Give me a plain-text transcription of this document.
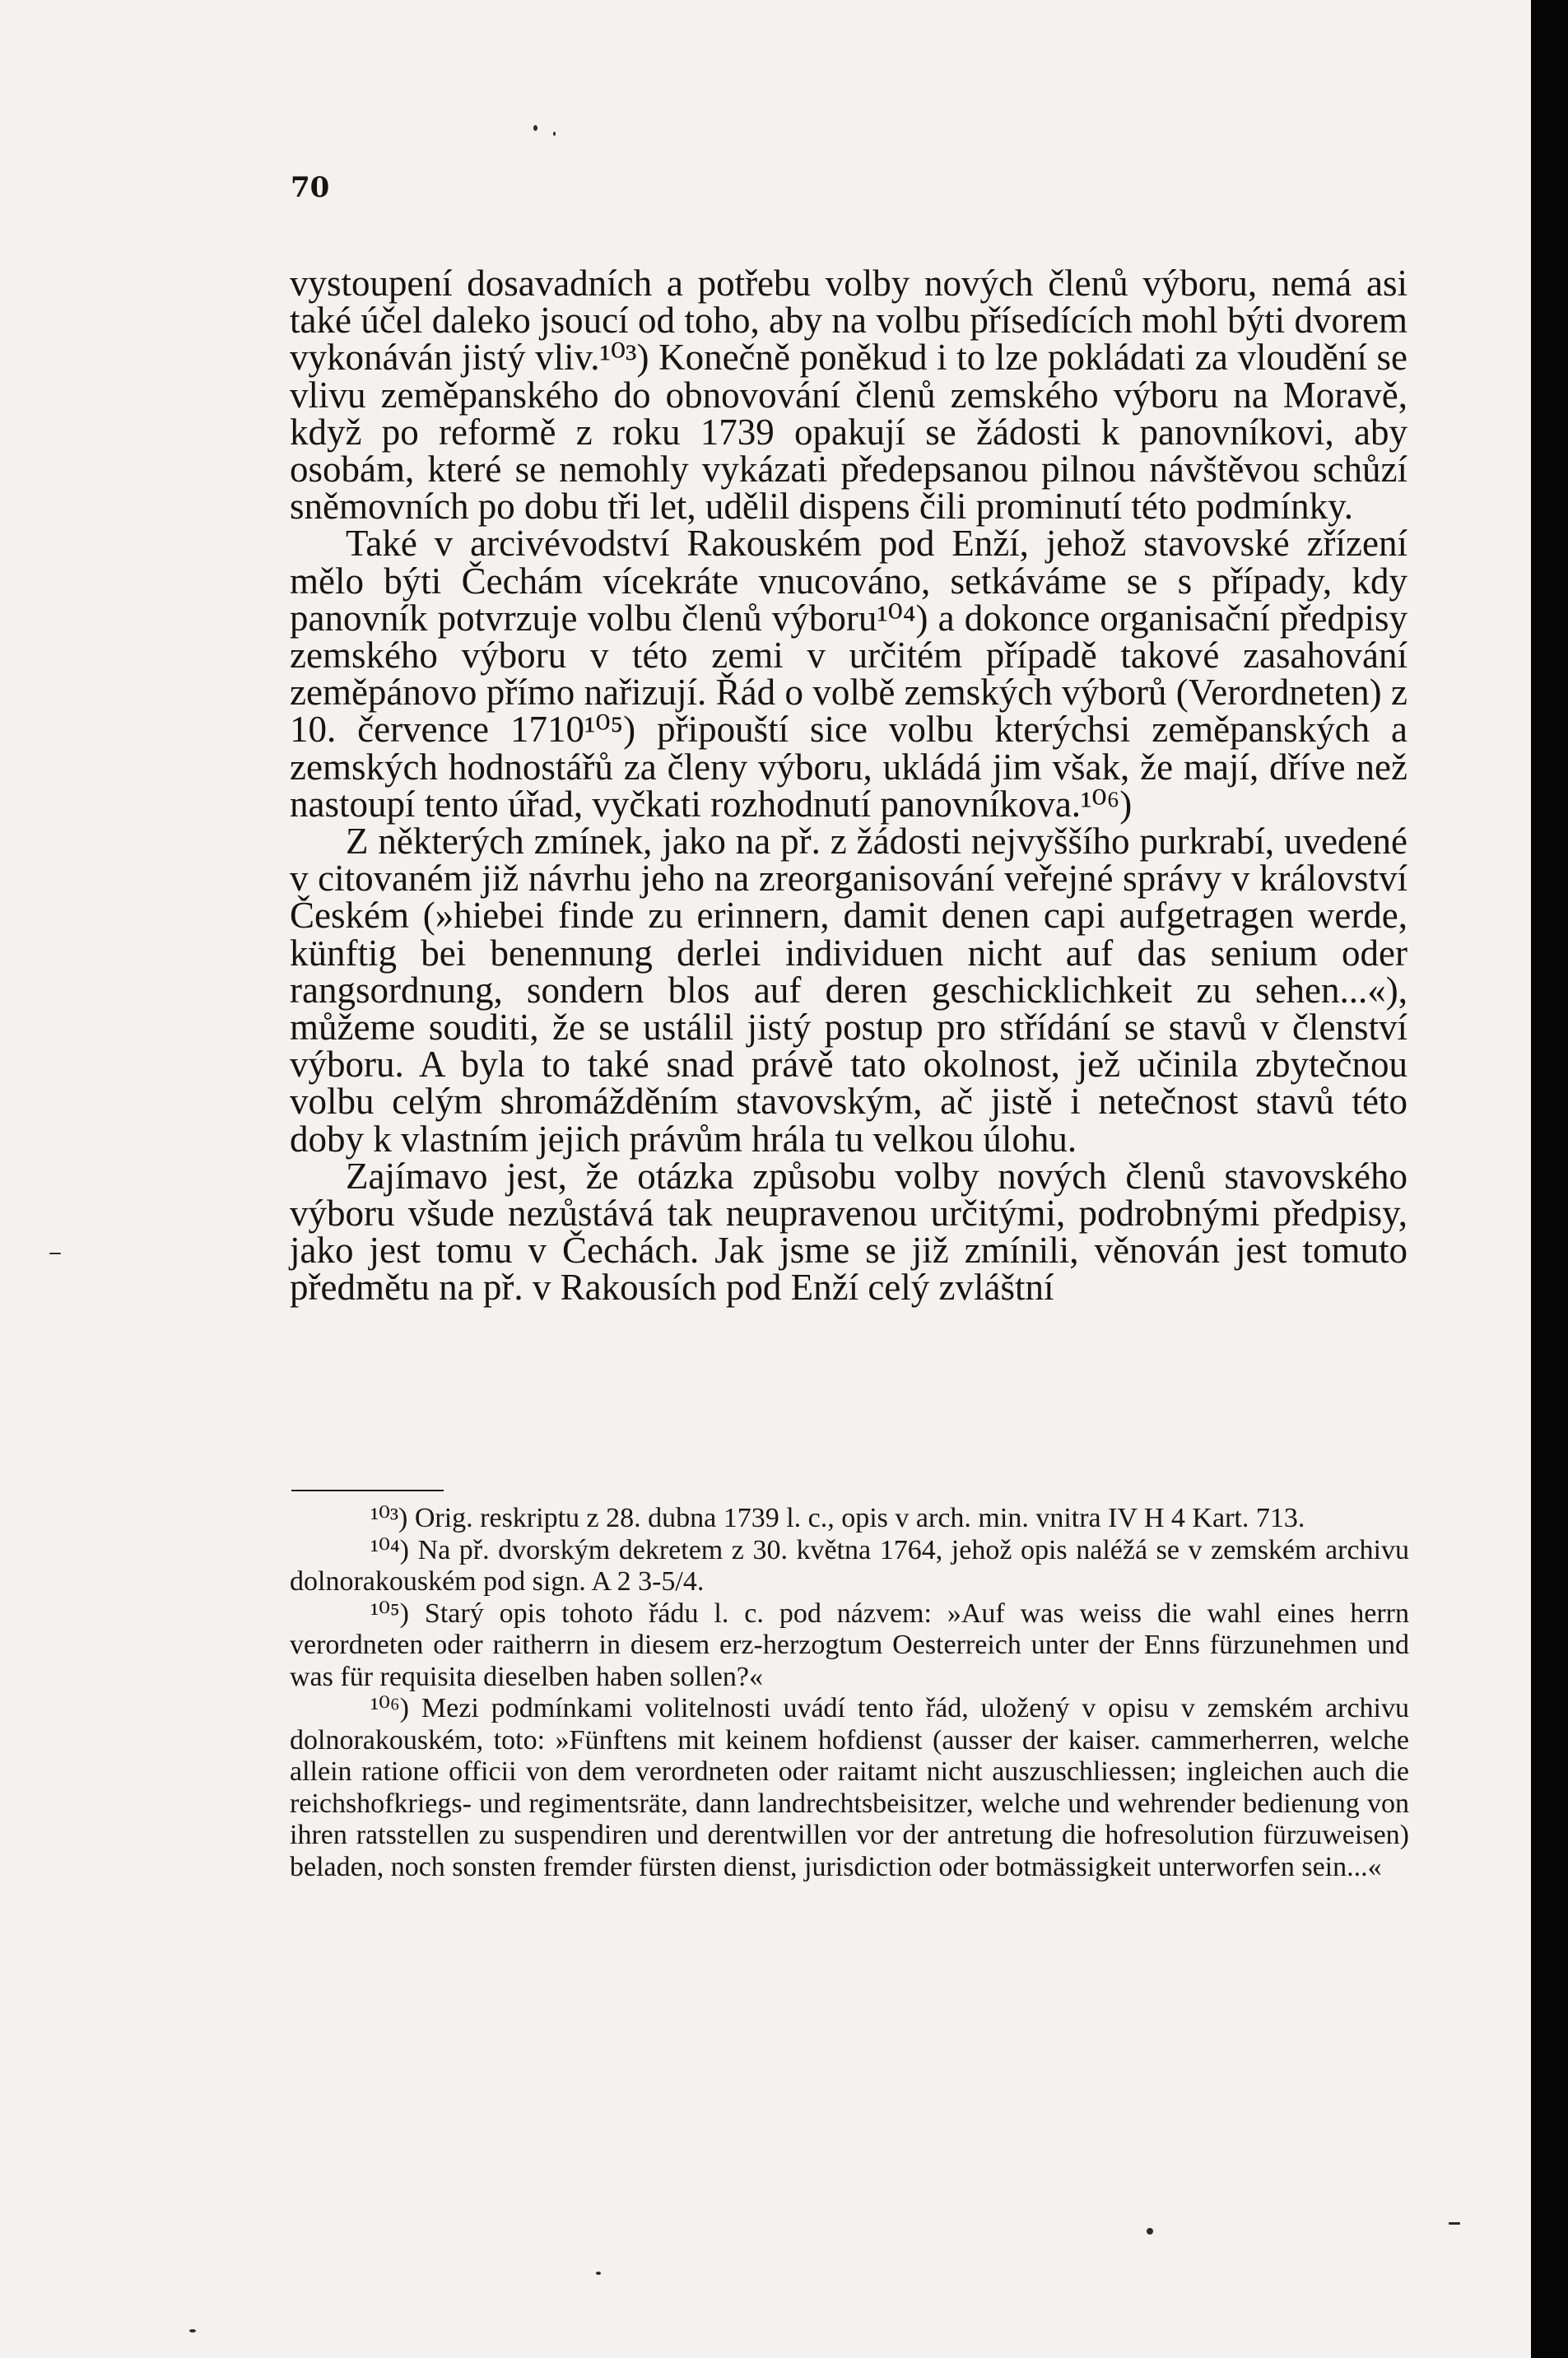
70

vystoupení dosavadních a potřebu volby nových členů výboru, nemá asi také účel daleko jsoucí od toho, aby na volbu přísedících mohl býti dvorem vykonáván jistý vliv.¹⁰³) Konečně poněkud i to lze pokládati za vloudění se vlivu zeměpanského do obnovování členů zemského výboru na Moravě, když po reformě z roku 1739 opakují se žádosti k panovníkovi, aby osobám, které se nemohly vykázati předepsanou pilnou návštěvou schůzí sněmovních po dobu tři let, udělil dispens čili prominutí této podmínky.

Také v arcivévodství Rakouském pod Enží, jehož stavovské zřízení mělo býti Čechám vícekráte vnucováno, setkáváme se s případy, kdy panovník potvrzuje volbu členů výboru¹⁰⁴) a dokonce organisační předpisy zemského výboru v této zemi v určitém případě takové zasahování zeměpánovo přímo nařizují. Řád o volbě zemských výborů (Verordneten) z 10. července 1710¹⁰⁵) připouští sice volbu kterýchsi zeměpanských a zemských hodnostářů za členy výboru, ukládá jim však, že mají, dříve než nastoupí tento úřad, vyčkati rozhodnutí panovníkova.¹⁰⁶)

Z některých zmínek, jako na př. z žádosti nejvyššího purkrabí, uvedené v citovaném již návrhu jeho na zreorganisování veřejné správy v království Českém (»hiebei finde zu erinnern, damit denen capi aufgetragen werde, künftig bei benennung derlei individuen nicht auf das senium oder rangsordnung, sondern blos auf deren geschicklichkeit zu sehen...«), můžeme souditi, že se ustálil jistý postup pro střídání se stavů v členství výboru. A byla to také snad právě tato okolnost, jež učinila zbytečnou volbu celým shromážděním stavovským, ač jistě i netečnost stavů této doby k vlastním jejich právům hrála tu velkou úlohu.

Zajímavo jest, že otázka způsobu volby nových členů stavovského výboru všude nezůstává tak neupravenou určitými, podrobnými předpisy, jako jest tomu v Čechách. Jak jsme se již zmínili, věnován jest tomuto předmětu na př. v Rakousích pod Enží celý zvláštní

¹⁰³) Orig. reskriptu z 28. dubna 1739 l. c., opis v arch. min. vnitra IV H 4 Kart. 713.

¹⁰⁴) Na př. dvorským dekretem z 30. května 1764, jehož opis naléžá se v zemském archivu dolnorakouském pod sign. A 2 3-5/4.

¹⁰⁵) Starý opis tohoto řádu l. c. pod názvem: »Auf was weiss die wahl eines herrn verordneten oder raitherrn in diesem erz-herzogtum Oesterreich unter der Enns fürzunehmen und was für requisita dieselben haben sollen?«

¹⁰⁶) Mezi podmínkami volitelnosti uvádí tento řád, uložený v opisu v zemském archivu dolnorakouském, toto: »Fünftens mit keinem hofdienst (ausser der kaiser. cammerherren, welche allein ratione officii von dem verordneten oder raitamt nicht auszuschliessen; ingleichen auch die reichshofkriegs- und regimentsräte, dann landrechtsbeisitzer, welche und wehrender bedienung von ihren ratsstellen zu suspendiren und derentwillen vor der antretung die hofresolution fürzuweisen) beladen, noch sonsten fremder fürsten dienst, jurisdiction oder botmässigkeit unterworfen sein...«
